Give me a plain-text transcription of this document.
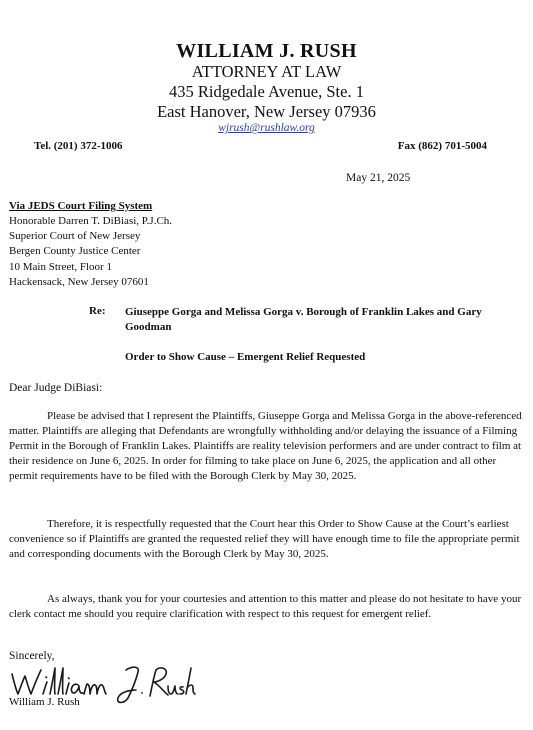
WILLIAM J. RUSH
ATTORNEY AT LAW
435 Ridgedale Avenue, Ste. 1
East Hanover, New Jersey 07936
wjrush@rushlaw.org
Tel. (201) 372-1006	Fax (862) 701-5004
May 21, 2025
Via JEDS Court Filing System
Honorable Darren T. DiBiasi, P.J.Ch.
Superior Court of New Jersey
Bergen County Justice Center
10 Main Street, Floor 1
Hackensack, New Jersey 07601
Re: Giuseppe Gorga and Melissa Gorga v. Borough of Franklin Lakes and Gary Goodman
Order to Show Cause – Emergent Relief Requested
Dear Judge DiBiasi:

Please be advised that I represent the Plaintiffs, Giuseppe Gorga and Melissa Gorga in the above-referenced matter. Plaintiffs are alleging that Defendants are wrongfully withholding and/or delaying the issuance of a Filming Permit in the Borough of Franklin Lakes. Plaintiffs are reality television performers and are under contract to film at their residence on June 6, 2025. In order for filming to take place on June 6, 2025, the application and all other permit requirements have to be filed with the Borough Clerk by May 30, 2025.

Therefore, it is respectfully requested that the Court hear this Order to Show Cause at the Court’s earliest convenience so if Plaintiffs are granted the requested relief they will have enough time to file the appropriate permit and corresponding documents with the Borough Clerk by May 30, 2025.

As always, thank you for your courtesies and attention to this matter and please do not hesitate to have your clerk contact me should you require clarification with respect to this request for emergent relief.

Sincerely,
William J. Rush
